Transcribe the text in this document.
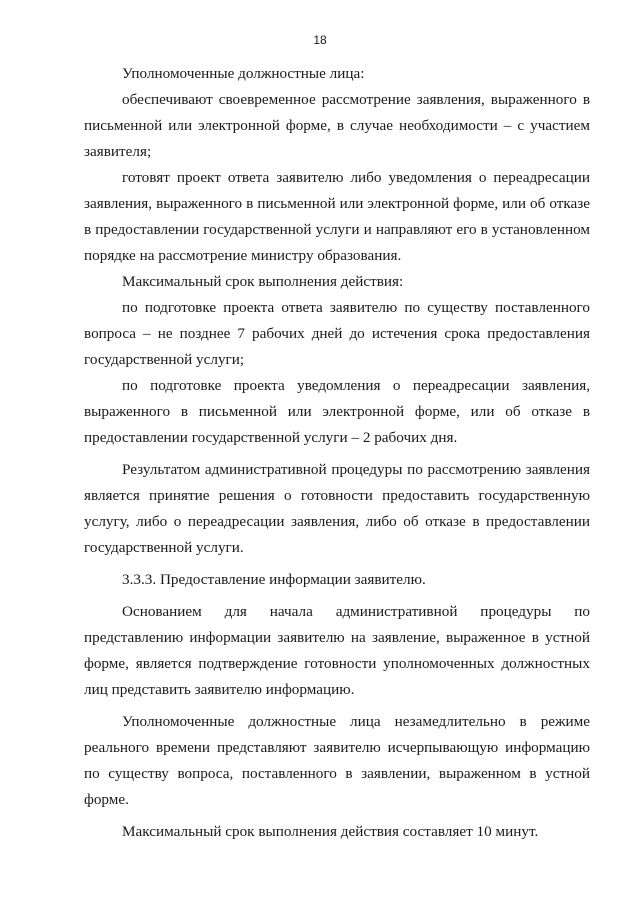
18

Уполномоченные должностные лица:

обеспечивают своевременное рассмотрение заявления, выраженного в письменной или электронной форме, в случае необходимости – с участием заявителя;

готовят проект ответа заявителю либо уведомления о переадресации заявления, выраженного в письменной или электронной форме, или об отказе в предоставлении государственной услуги и направляют его в установленном порядке на рассмотрение министру образования.

Максимальный срок выполнения действия:

по подготовке проекта ответа заявителю по существу поставленного вопроса – не позднее 7 рабочих дней до истечения срока предоставления государственной услуги;

по подготовке проекта уведомления о переадресации заявления, выраженного в письменной или электронной форме, или об отказе в предоставлении государственной услуги – 2 рабочих дня.

Результатом административной процедуры по рассмотрению заявления является принятие решения о готовности предоставить государственную услугу, либо о переадресации заявления, либо об отказе в предоставлении государственной услуги.

3.3.3. Предоставление информации заявителю.

Основанием для начала административной процедуры по представлению информации заявителю на заявление, выраженное в устной форме, является подтверждение готовности уполномоченных должностных лиц представить заявителю информацию.

Уполномоченные должностные лица незамедлительно в режиме реального времени представляют заявителю исчерпывающую информацию по существу вопроса, поставленного в заявлении, выраженном в устной форме.

Максимальный срок выполнения действия составляет 10 минут.
